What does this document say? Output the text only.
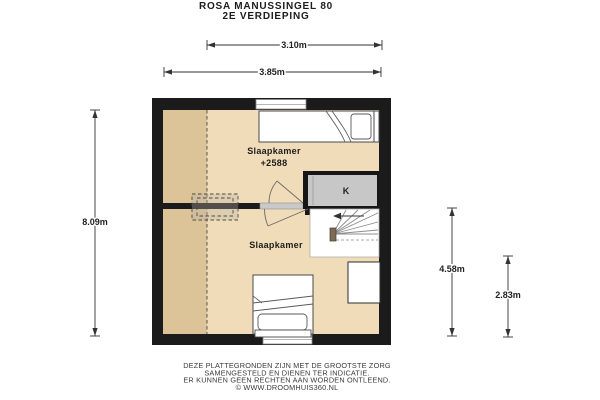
ROSA MANUSSINGEL 80
2E VERDIEPING
3.10m
3.85m
8.09m
4.58m
2.83m
K
Slaapkamer
+2588
Slaapkamer
DEZE PLATTEGRONDEN ZIJN MET DE GROOTSTE ZORG
SAMENGESTELD EN DIENEN TER INDICATIE.
ER KUNNEN GEEN RECHTEN AAN WORDEN ONTLEEND.
© WWW.DROOMHUIS360.NL
